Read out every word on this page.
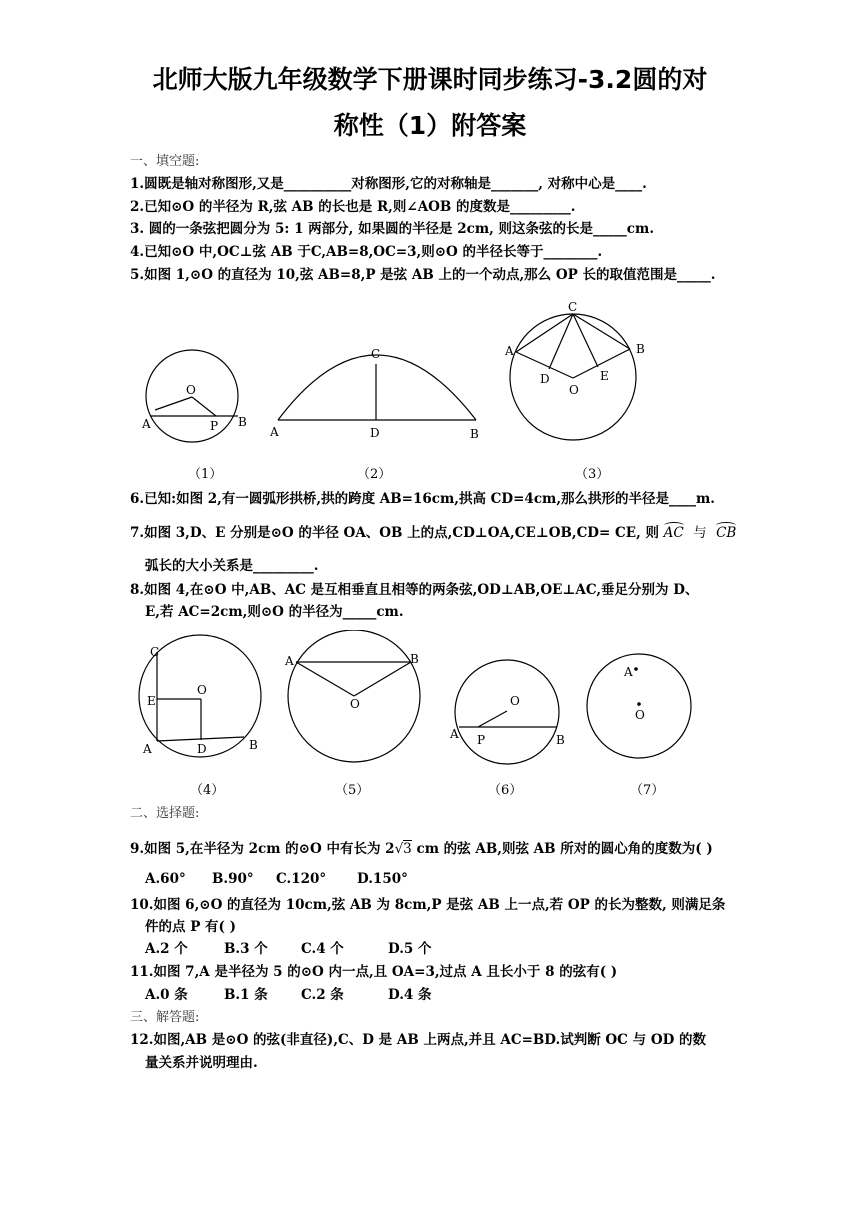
北师大版九年级数学下册课时同步练习-3.2圆的对
称性（1）附答案
一、填空题:
1.圆既是轴对称图形,又是__________对称图形,它的对称轴是_______, 对称中心是____.
2.已知⊙O 的半径为 R,弦 AB 的长也是 R,则∠AOB 的度数是_________.
3. 圆的一条弦把圆分为 5: 1 两部分, 如果圆的半径是 2cm, 则这条弦的长是_____cm.
4.已知⊙O 中,OC⊥弦 AB 于C,AB=8,OC=3,则⊙O 的半径长等于________.
5.如图 1,⊙O 的直径为 10,弦 AB=8,P 是弦 AB 上的一个动点,那么 OP 长的取值范围是_____.
O
A	P B
C
A	D	B
C
A	B
D	E
O
（1）	（2）	（3）
6.已知:如图 2,有一圆弧形拱桥,拱的跨度 AB=16cm,拱高 CD=4cm,那么拱形的半径是____m.
7.如图 3,D、E 分别是⊙O 的半径 OA、OB 上的点,CD⊥OA,CE⊥OB,CD= CE, 则 AC 与 CB
弧长的大小关系是_________.
8.如图 4,在⊙O 中,AB、AC 是互相垂直且相等的两条弦,OD⊥AB,OE⊥AC,垂足分别为 D、
E,若 AC=2cm,则⊙O 的半径为_____cm.
C
E
O
A	D	B
A	B
O	O
A P	B
A
O
（4）	（5）	（6）	（7）
二、选择题:
9.如图 5,在半径为 2cm 的⊙O 中有长为 2√3 cm 的弦 AB,则弦 AB 所对的圆心角的度数为( )
A.60° B.90° C.120° D.150°
10.如图 6,⊙O 的直径为 10cm,弦 AB 为 8cm,P 是弦 AB 上一点,若 OP 的长为整数, 则满足条
件的点 P 有( )
A.2 个	B.3 个 C.4 个	D.5 个
11.如图 7,A 是半径为 5 的⊙O 内一点,且 OA=3,过点 A 且长小于 8 的弦有( )
A.0 条	B.1 条 C.2 条	D.4 条
三、解答题:
12.如图,AB 是⊙O 的弦(非直径),C、D 是 AB 上两点,并且 AC=BD.试判断 OC 与 OD 的数
量关系并说明理由.
